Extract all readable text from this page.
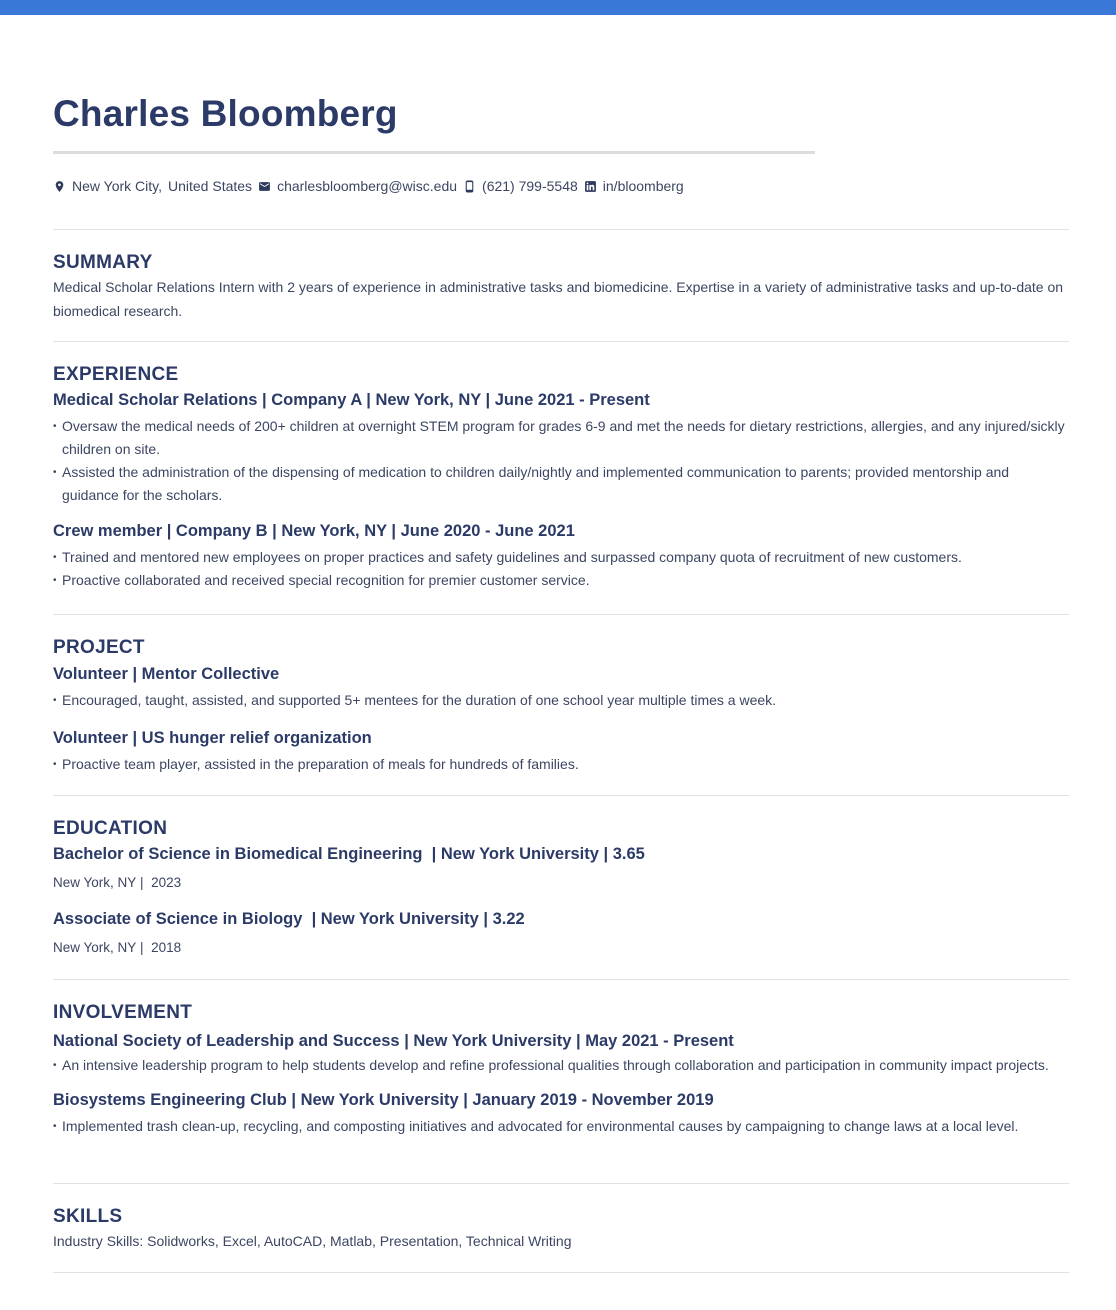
Charles Bloomberg
New York City, United States charlesbloomberg@wisc.edu (621) 799-5548 in/bloomberg
SUMMARY

Medical Scholar Relations Intern with 2 years of experience in administrative tasks and biomedicine. Expertise in a variety of administrative tasks and up-to-date on biomedical research.

EXPERIENCE

Medical Scholar Relations | Company A | New York, NY | June 2021 - Present

• Oversaw the medical needs of 200+ children at overnight STEM program for grades 6-9 and met the needs for dietary restrictions, allergies, and any injured/sickly children on site.
• Assisted the administration of the dispensing of medication to children daily/nightly and implemented communication to parents; provided mentorship and guidance for the scholars.

Crew member | Company B | New York, NY | June 2020 - June 2021

• Trained and mentored new employees on proper practices and safety guidelines and surpassed company quota of recruitment of new customers.
• Proactive collaborated and received special recognition for premier customer service.
PROJECT

Volunteer | Mentor Collective

• Encouraged, taught, assisted, and supported 5+ mentees for the duration of one school year multiple times a week.

Volunteer | US hunger relief organization

• Proactive team player, assisted in the preparation of meals for hundreds of families.
EDUCATION

Bachelor of Science in Biomedical Engineering  | New York University | 3.65

New York, NY |  2023

Associate of Science in Biology  | New York University | 3.22

New York, NY |  2018

INVOLVEMENT

National Society of Leadership and Success | New York University | May 2021 - Present

• An intensive leadership program to help students develop and refine professional qualities through collaboration and participation in community impact projects.

Biosystems Engineering Club | New York University | January 2019 - November 2019

• Implemented trash clean-up, recycling, and composting initiatives and advocated for environmental causes by campaigning to change laws at a local level.
SKILLS

Industry Skills: Solidworks, Excel, AutoCAD, Matlab, Presentation, Technical Writing
